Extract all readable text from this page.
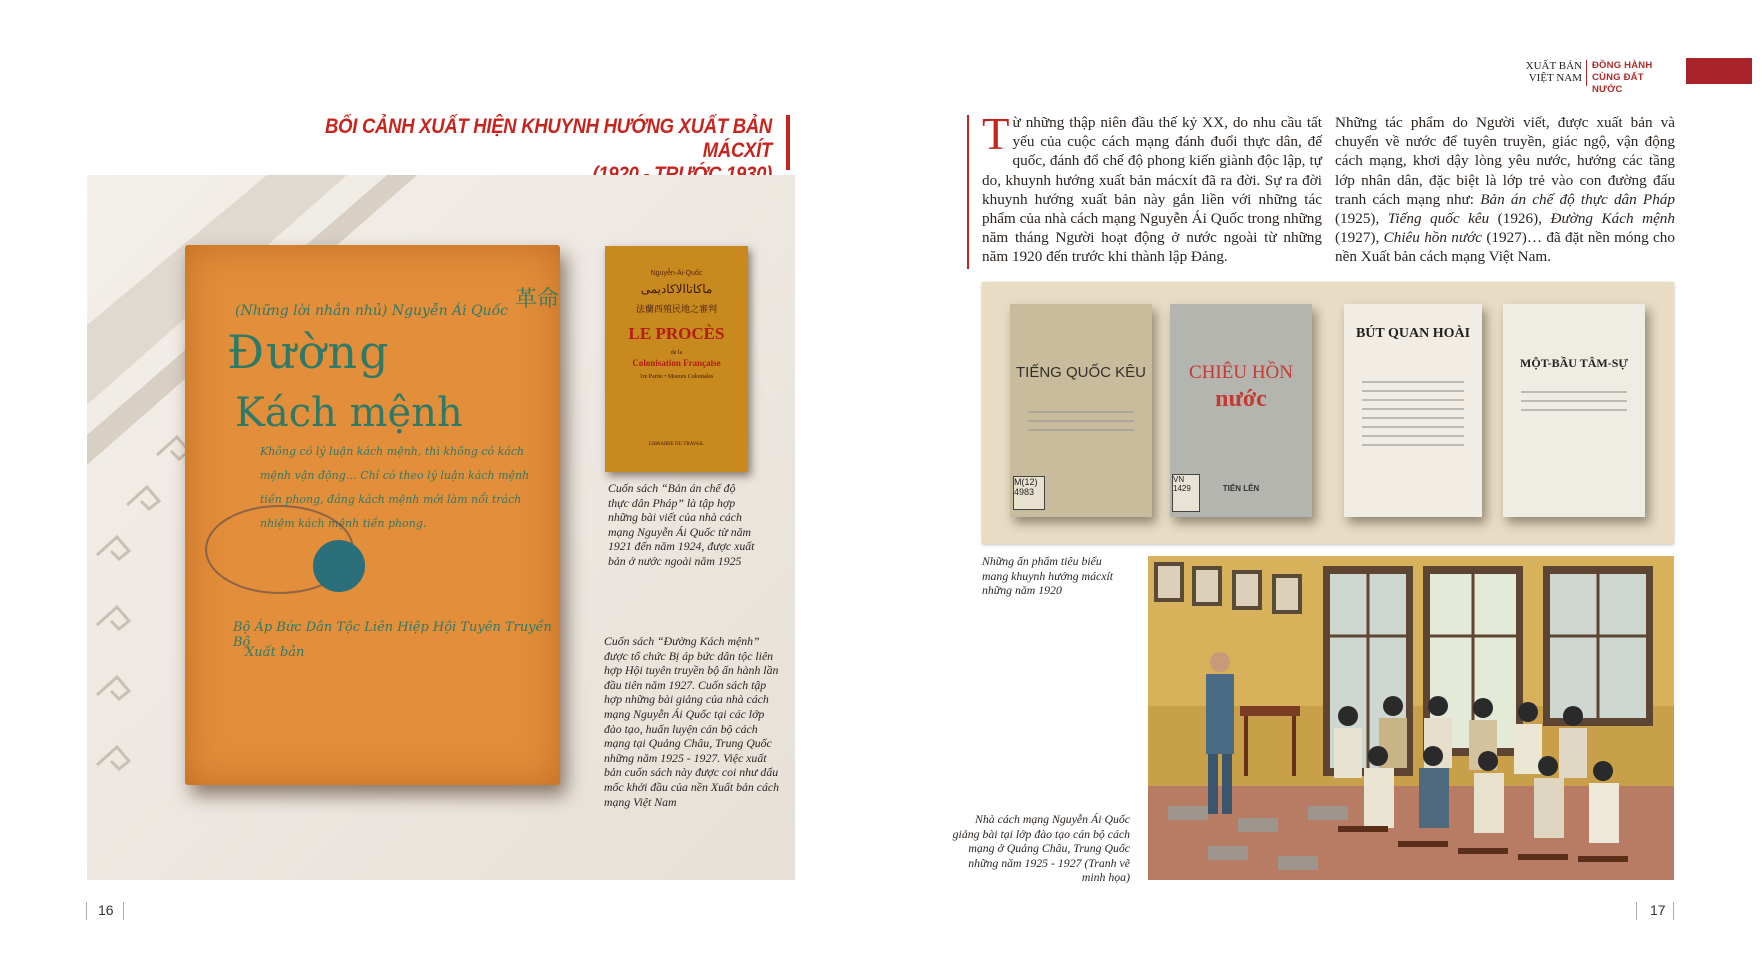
XUẤT BẢN
VIỆT NAM
ĐỒNG HÀNH
CÙNG ĐẤT NƯỚC
BỐI CẢNH XUẤT HIỆN KHUYNH HƯỚNG XUẤT BẢN MÁCXÍT
(Những lời nhắn nhủ) Nguyễn Ái Quốc 革命
Đường
Kách mệnh
Không có lý luận kách mệnh, thì không có kách mệnh vận động… Chỉ có theo lý luận kách mệnh tiền phong, đảng kách mệnh mới làm nổi trách nhiệm kách mệnh tiền phong.
Bộ Áp Bức Dân Tộc Liên Hiệp Hội Tuyên Truyền Bộ
Xuất bản
Nguyễn-Ái-Quốc
ماكاتاالاكاديمى
法蘭西殖民地之審判
LE PROCÈS
de la
Colonisation Française
1re Partie • Moeurs Coloniales
LIBRAIRIE DU TRAVAIL
Cuốn sách “Bản án chế độ thực dân Pháp” là tập hợp những bài viết của nhà cách mạng Nguyễn Ái Quốc từ năm 1921 đến năm 1924, được xuất bản ở nước ngoài năm 1925
Cuốn sách “Đường Kách mệnh” được tổ chức Bị áp bức dân tộc liên hợp Hội tuyên truyền bộ ấn hành lần đầu tiên năm 1927. Cuốn sách tập hợp những bài giảng của nhà cách mạng Nguyễn Ái Quốc tại các lớp đào tạo, huấn luyện cán bộ cách mạng tại Quảng Châu, Trung Quốc những năm 1925 - 1927. Việc xuất bản cuốn sách này được coi như dấu mốc khởi đầu của nền Xuất bản cách mạng Việt Nam
16
Từ những thập niên đầu thế kỷ XX, do nhu cầu tất yếu của cuộc cách mạng đánh đuổi thực dân, đế quốc, đánh đổ chế độ phong kiến giành độc lập, tự do, khuynh hướng xuất bản mácxít đã ra đời. Sự ra đời khuynh hướng xuất bản này gắn liền với những tác phẩm của nhà cách mạng Nguyễn Ái Quốc trong những năm tháng Người hoạt động ở nước ngoài từ những năm 1920 đến trước khi thành lập Đảng.
Những tác phẩm do Người viết, được xuất bản và chuyển về nước để tuyên truyền, giác ngộ, vận động cách mạng, khơi dậy lòng yêu nước, hướng các tầng lớp nhân dân, đặc biệt là lớp trẻ vào con đường đấu tranh cách mạng như: Bản án chế độ thực dân Pháp (1925), Tiếng quốc kêu (1926), Đường Kách mệnh (1927), Chiêu hồn nước (1927)… đã đặt nền móng cho nền Xuất bản cách mạng Việt Nam.
TIẾNG QUỐC KÊU
M(12) 4983
CHIÊU HỒN
nước
TIẾN LÊN
VN 1429
BÚT QUAN HOÀI
MỘT-BẦU TÂM-SỰ
Những ấn phẩm tiêu biểu mang khuynh hướng mácxít những năm 1920
Nhà cách mạng Nguyễn Ái Quốc giảng bài tại lớp đào tạo cán bộ cách mạng ở Quảng Châu, Trung Quốc những năm 1925 - 1927 (Tranh vẽ minh họa)
17
